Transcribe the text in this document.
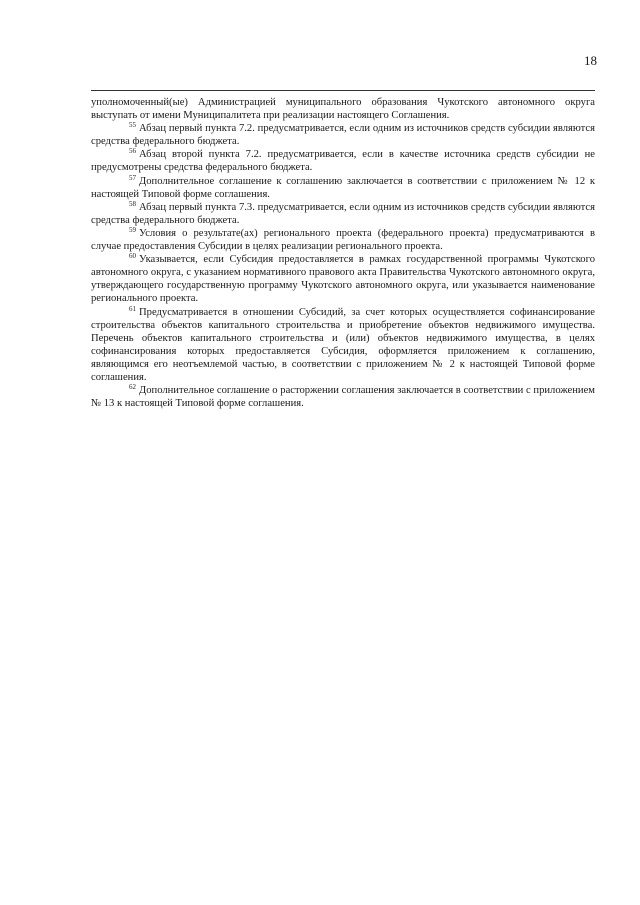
18

уполномоченный(ые) Администрацией муниципального образования Чукотского автономного округа выступать от имени Муниципалитета при реализации настоящего Соглашения.

$^{55}$ Абзац первый пункта 7.2. предусматривается, если одним из источников средств субсидии являются средства федерального бюджета.

$^{56}$ Абзац второй пункта 7.2. предусматривается, если в качестве источника средств субсидии не предусмотрены средства федерального бюджета.

$^{57}$ Дополнительное соглашение к соглашению заключается в соответствии с приложением № 12 к настоящей Типовой форме соглашения.

$^{58}$ Абзац первый пункта 7.3. предусматривается, если одним из источников средств субсидии являются средства федерального бюджета.

$^{59}$ Условия о результате(ах) регионального проекта (федерального проекта) предусматриваются в случае предоставления Субсидии в целях реализации регионального проекта.

$^{60}$ Указывается, если Субсидия предоставляется в рамках государственной программы Чукотского автономного округа, с указанием нормативного правового акта Правительства Чукотского автономного округа, утверждающего государственную программу Чукотского автономного округа, или указывается наименование регионального проекта.

$^{61}$ Предусматривается в отношении Субсидий, за счет которых осуществляется софинансирование строительства объектов капитального строительства и приобретение объектов недвижимого имущества. Перечень объектов капитального строительства и (или) объектов недвижимого имущества, в целях софинансирования которых предоставляется Субсидия, оформляется приложением к соглашению, являющимся его неотъемлемой частью, в соответствии с приложением № 2 к настоящей Типовой форме соглашения.

$^{62}$ Дополнительное соглашение о расторжении соглашения заключается в соответствии с приложением № 13 к настоящей Типовой форме соглашения.
